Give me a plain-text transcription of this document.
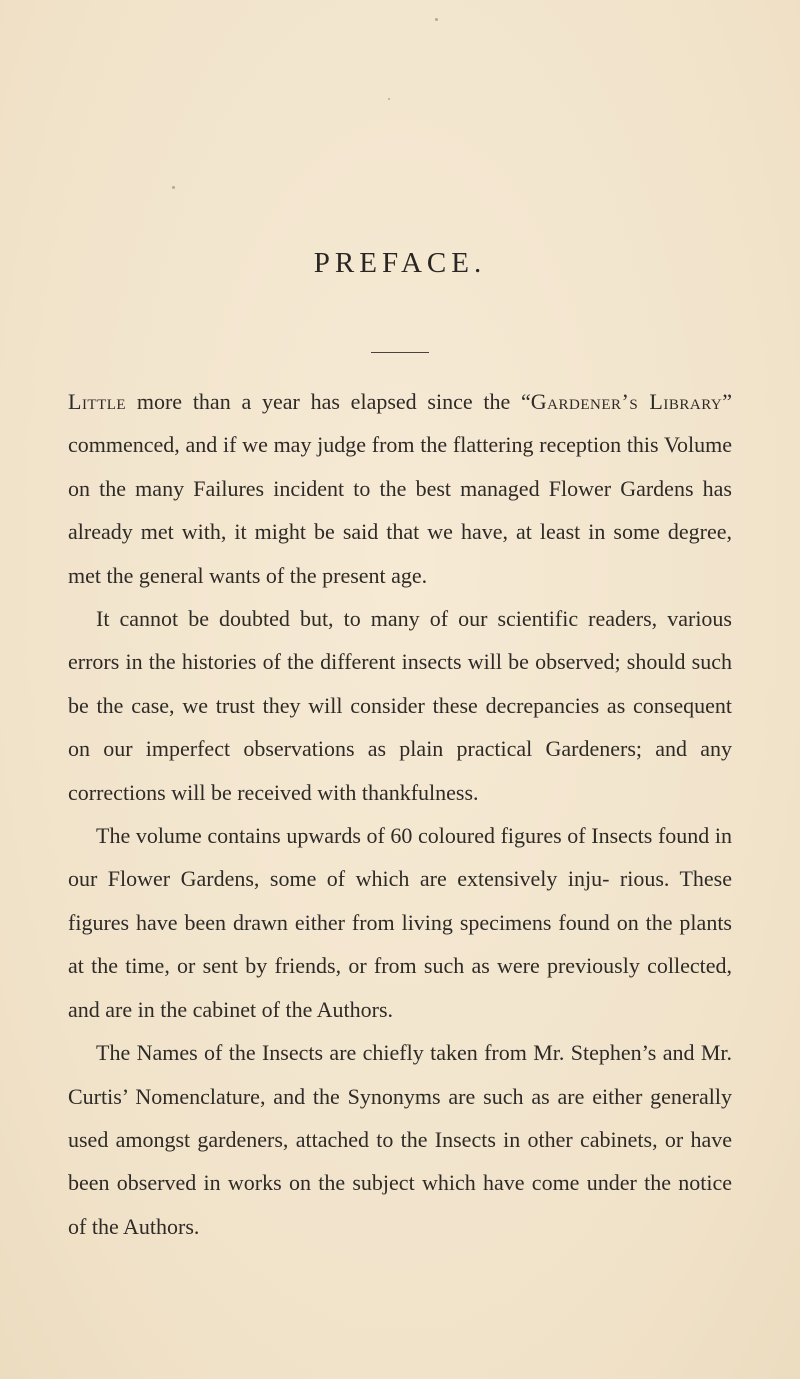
PREFACE.

Little more than a year has elapsed since the “Gardener’s Library” commenced, and if we may judge from the flattering reception this Volume on the many Failures incident to the best managed Flower Gardens has already met with, it might be said that we have, at least in some degree, met the general wants of the present age.

It cannot be doubted but, to many of our scientific readers, various errors in the histories of the different insects will be observed; should such be the case, we trust they will consider these decrepancies as consequent on our imperfect observations as plain practical Gardeners; and any corrections will be received with thankfulness.

The volume contains upwards of 60 coloured figures of Insects found in our Flower Gardens, some of which are extensively inju- rious. These figures have been drawn either from living specimens found on the plants at the time, or sent by friends, or from such as were previously collected, and are in the cabinet of the Authors.

The Names of the Insects are chiefly taken from Mr. Stephen’s and Mr. Curtis’ Nomenclature, and the Synonyms are such as are either generally used amongst gardeners, attached to the Insects in other cabinets, or have been observed in works on the subject which have come under the notice of the Authors.
